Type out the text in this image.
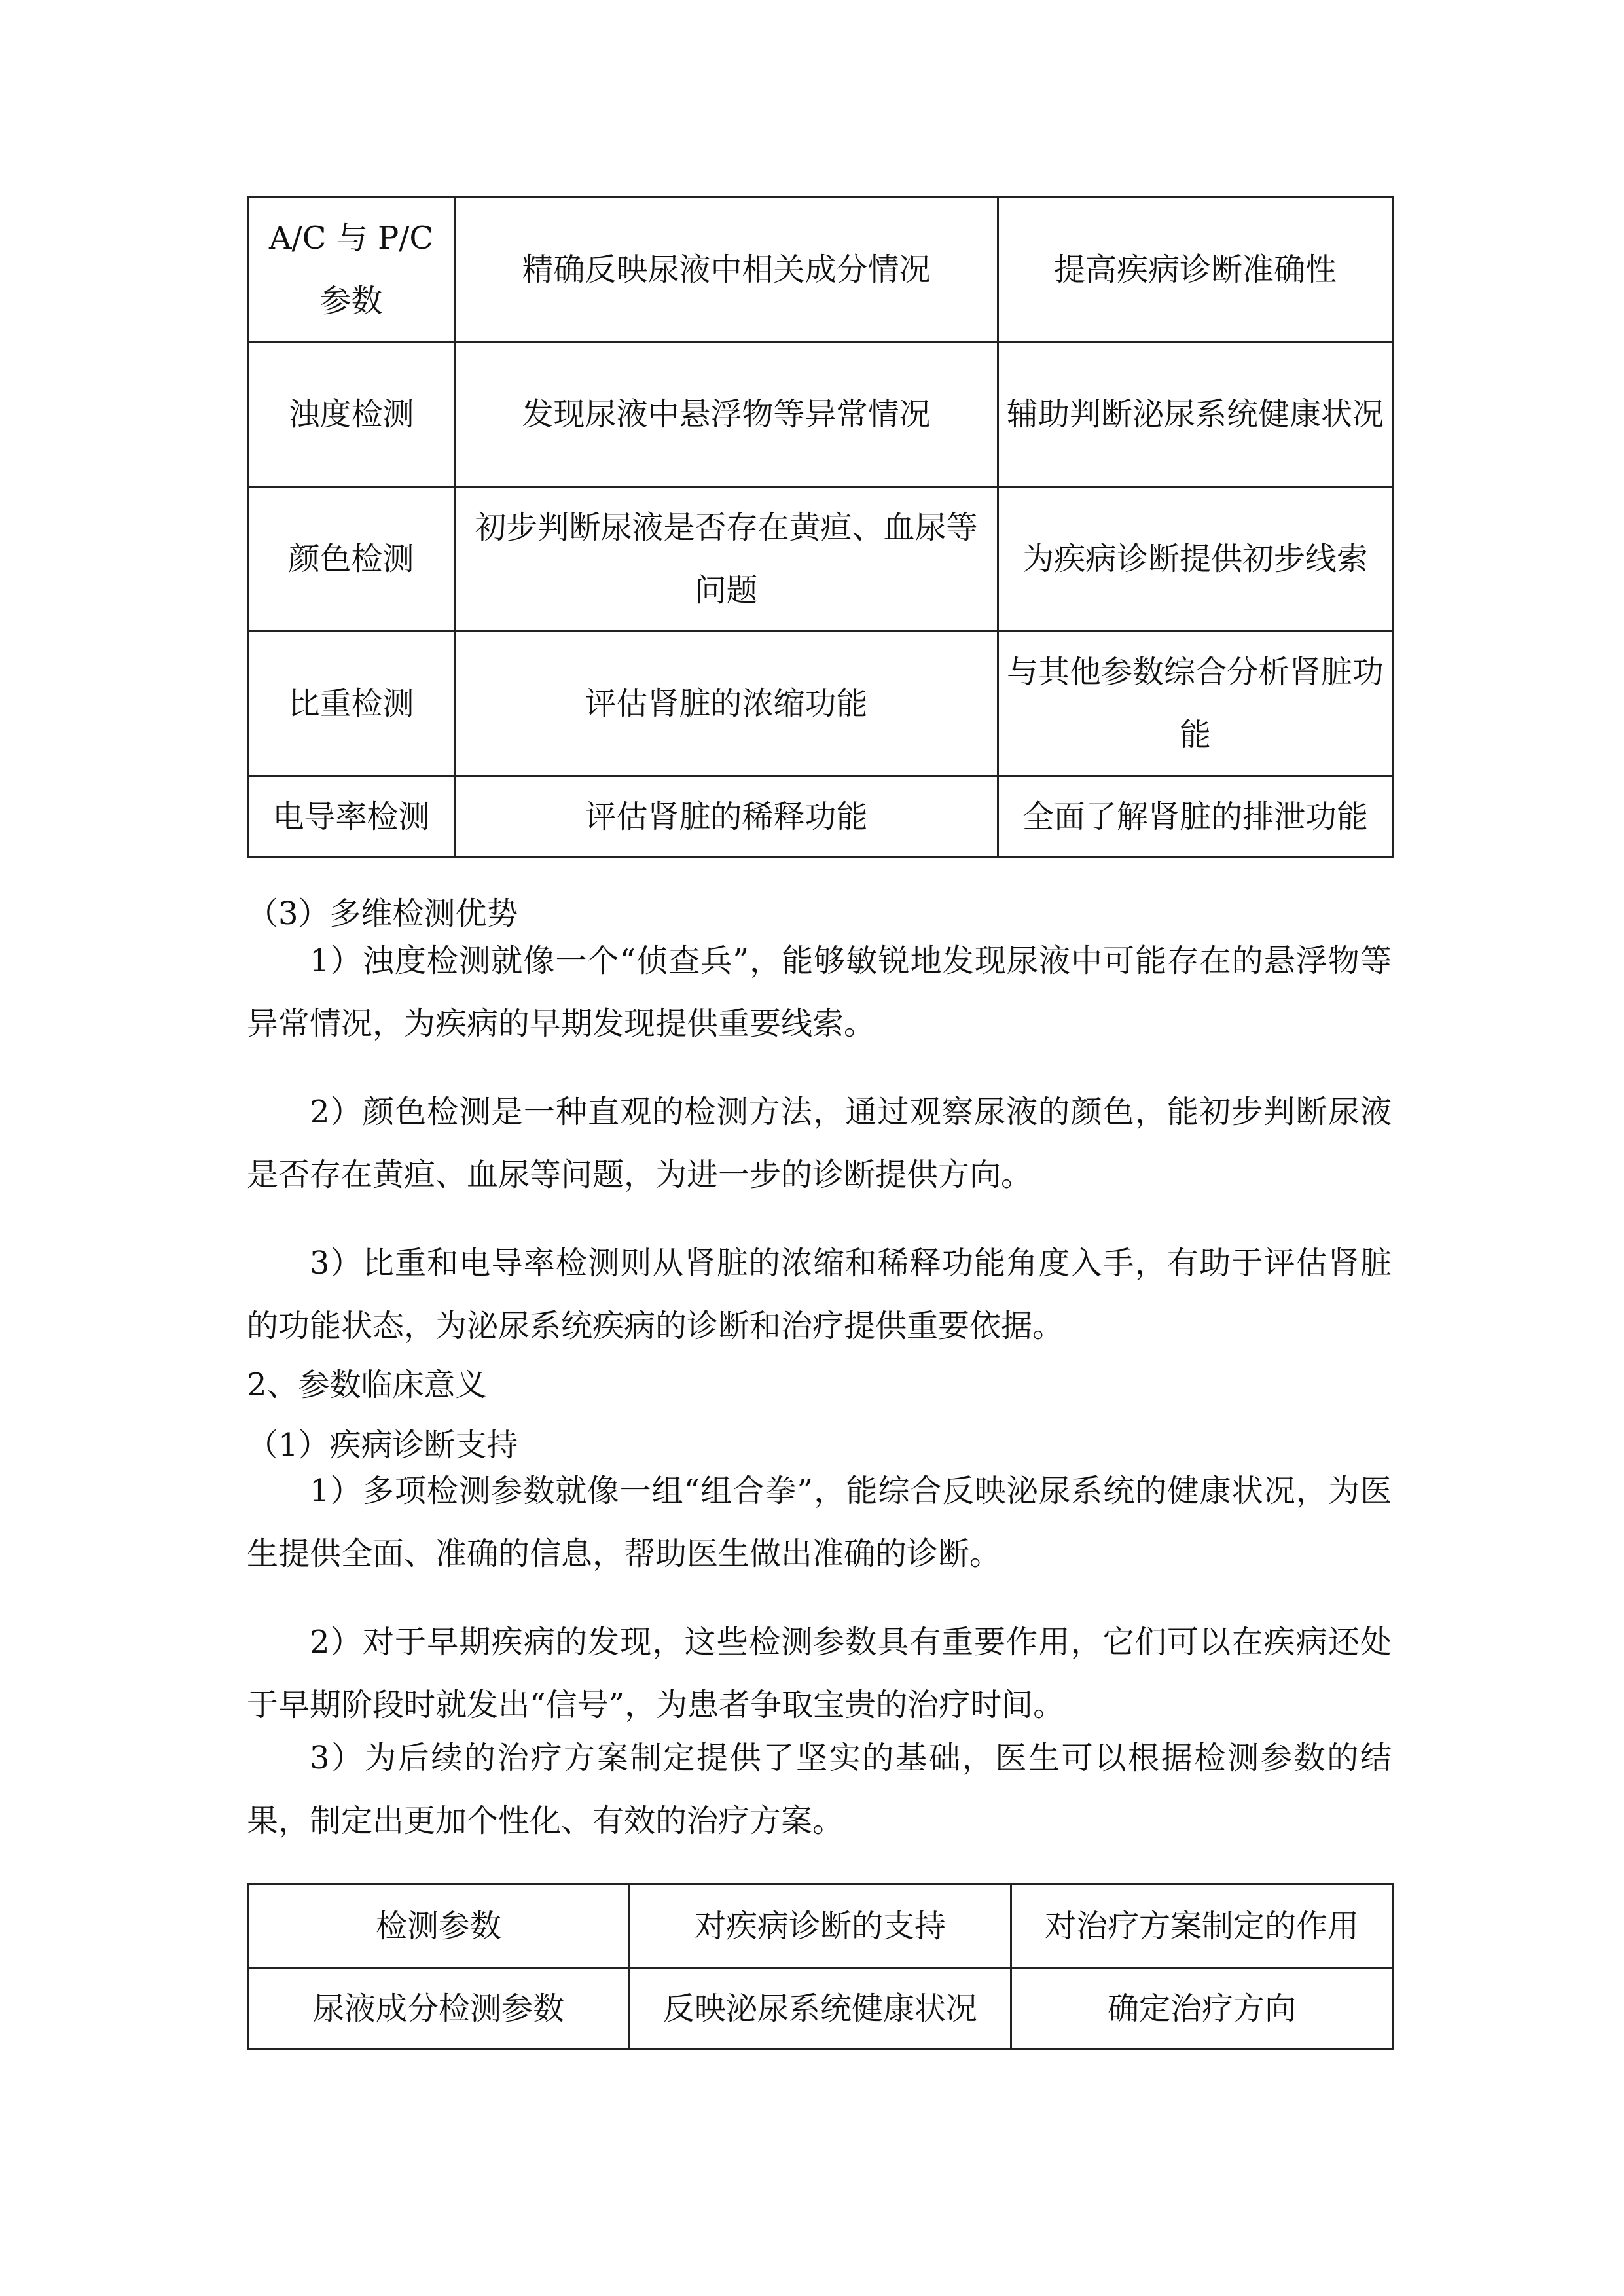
A/C 与 P/C 参数	精确反映尿液中相关成分情况	提高疾病诊断准确性
浊度检测	发现尿液中悬浮物等异常情况	辅助判断泌尿系统健康状况
颜色检测	初步判断尿液是否存在黄疸、血尿等问题	为疾病诊断提供初步线索
比重检测	评估肾脏的浓缩功能	与其他参数综合分析肾脏功能
电导率检测	评估肾脏的稀释功能	全面了解肾脏的排泄功能

（3）多维检测优势

1）浊度检测就像一个“侦查兵”，能够敏锐地发现尿液中可能存在的悬浮物等异常情况，为疾病的早期发现提供重要线索。

2）颜色检测是一种直观的检测方法，通过观察尿液的颜色，能初步判断尿液是否存在黄疸、血尿等问题，为进一步的诊断提供方向。

3）比重和电导率检测则从肾脏的浓缩和稀释功能角度入手，有助于评估肾脏的功能状态，为泌尿系统疾病的诊断和治疗提供重要依据。

2、参数临床意义

（1）疾病诊断支持

1）多项检测参数就像一组“组合拳”，能综合反映泌尿系统的健康状况，为医生提供全面、准确的信息，帮助医生做出准确的诊断。

2）对于早期疾病的发现，这些检测参数具有重要作用，它们可以在疾病还处于早期阶段时就发出“信号”，为患者争取宝贵的治疗时间。

3）为后续的治疗方案制定提供了坚实的基础，医生可以根据检测参数的结果，制定出更加个性化、有效的治疗方案。

检测参数	对疾病诊断的支持	对治疗方案制定的作用
尿液成分检测参数	反映泌尿系统健康状况	确定治疗方向
